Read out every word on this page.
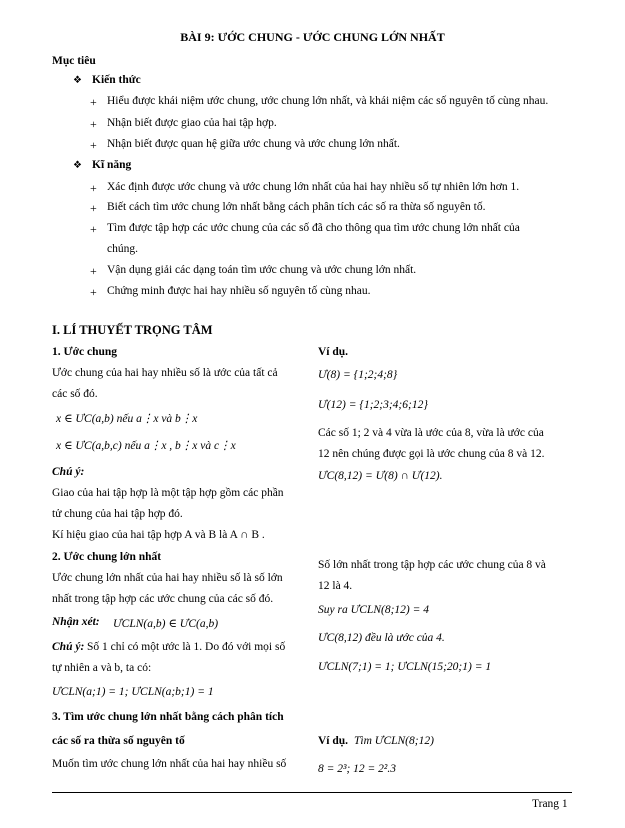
BÀI 9: ƯỚC CHUNG - ƯỚC CHUNG LỚN NHẤT
Mục tiêu
❖ Kiến thức
+ Hiểu được khái niệm ước chung, ước chung lớn nhất, và khái niệm các số nguyên tố cùng nhau.
+ Nhận biết được giao của hai tập hợp.
+ Nhận biết được quan hệ giữa ước chung và ước chung lớn nhất.
❖ Kĩ năng
+ Xác định được ước chung và ước chung lớn nhất của hai hay nhiều số tự nhiên lớn hơn 1.
+ Biết cách tìm ước chung lớn nhất bằng cách phân tích các số ra thừa số nguyên tố.
+ Tìm được tập hợp các ước chung của các số đã cho thông qua tìm ước chung lớn nhất của
chúng.
+ Vận dụng giải các dạng toán tìm ước chung và ước chung lớn nhất.
+ Chứng minh được hai hay nhiều số nguyên tố cùng nhau.
I. LÍ THUYẾT TRỌNG TÂM
1. Ước chung
Ước chung của hai hay nhiều số là ước của tất cả
các số đó.
x ∈ ƯC(a,b) nếu a⋮x và b⋮x
x ∈ ƯC(a,b,c) nếu a⋮x , b⋮x và c⋮x
Chú ý:
Giao của hai tập hợp là một tập hợp gồm các phần
tử chung của hai tập hợp đó.
Kí hiệu giao của hai tập hợp A và B là A ∩ B .
2. Ước chung lớn nhất
Ước chung lớn nhất của hai hay nhiều số là số lớn
nhất trong tập hợp các ước chung của các số đó.
Nhận xét: ƯCLN(a,b) ∈ ƯC(a,b)
Chú ý: Số 1 chỉ có một ước là 1. Do đó với mọi số
tự nhiên a và b, ta có:
ƯCLN(a;1) = 1; ƯCLN(a;b;1) = 1
3. Tìm ước chung lớn nhất bằng cách phân tích
các số ra thừa số nguyên tố
Muốn tìm ước chung lớn nhất của hai hay nhiều số
Ví dụ.
Ư(8) = {1;2;4;8}
Ư(12) = {1;2;3;4;6;12}
Các số 1; 2 và 4 vừa là ước của 8, vừa là ước của
12 nên chúng được gọi là ước chung của 8 và 12.
ƯC(8,12) = Ư(8) ∩ Ư(12).
Số lớn nhất trong tập hợp các ước chung của 8 và
12 là 4.
Suy ra ƯCLN(8;12) = 4
ƯC(8,12) đều là ước của 4.
ƯCLN(7;1) = 1; ƯCLN(15;20;1) = 1
Ví dụ. Tìm ƯCLN(8;12)
8 = 2³; 12 = 2².3
Trang 1
